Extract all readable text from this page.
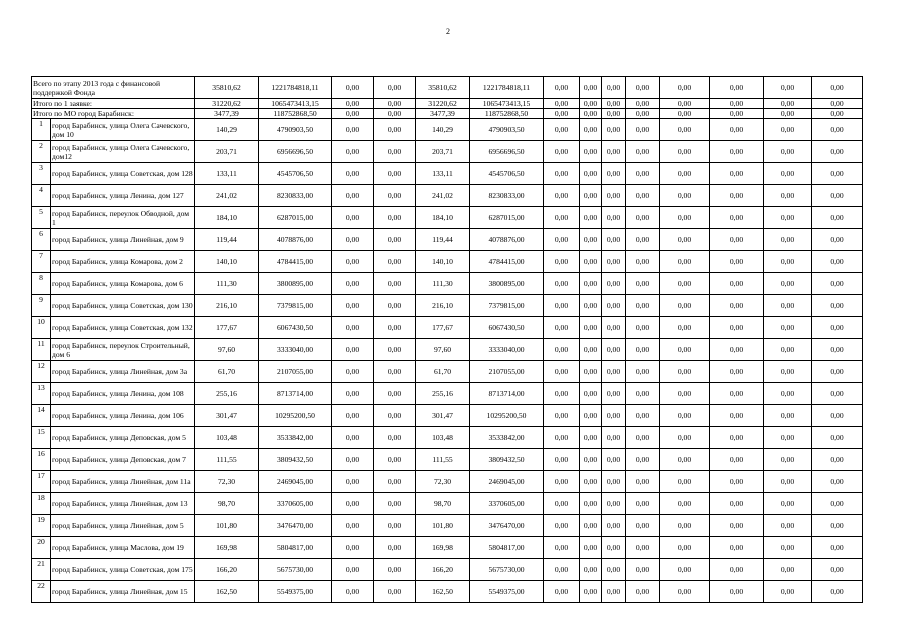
2
Всего по этапу 2013 года с финансовой поддержкой Фонда		35810,62	1221784818,11	0,00	0,00	35810,62	1221784818,11	0,00	0,00	0,00	0,00	0,00	0,00	0,00	0,00
Итого по 1 заявке:		31220,62	1065473413,15	0,00	0,00	31220,62	1065473413,15	0,00	0,00	0,00	0,00	0,00	0,00	0,00	0,00
Итого по МО город Барабинск:		3477,39	118752868,50	0,00	0,00	3477,39	118752868,50	0,00	0,00	0,00	0,00	0,00	0,00	0,00	0,00
1	город Барабинск, улица Олега Сачевского, дом 10	140,29	4790903,50	0,00	0,00	140,29	4790903,50	0,00	0,00	0,00	0,00	0,00	0,00	0,00	0,00
2	город Барабинск, улица Олега Сачевского, дом12	203,71	6956696,50	0,00	0,00	203,71	6956696,50	0,00	0,00	0,00	0,00	0,00	0,00	0,00	0,00
3	город Барабинск, улица Советская, дом 128	133,11	4545706,50	0,00	0,00	133,11	4545706,50	0,00	0,00	0,00	0,00	0,00	0,00	0,00	0,00
4	город Барабинск, улица Ленина, дом 127	241,02	8230833,00	0,00	0,00	241,02	8230833,00	0,00	0,00	0,00	0,00	0,00	0,00	0,00	0,00
5	город Барабинск, переулок Обводной, дом 1	184,10	6287015,00	0,00	0,00	184,10	6287015,00	0,00	0,00	0,00	0,00	0,00	0,00	0,00	0,00
6	город Барабинск, улица Линейная, дом 9	119,44	4078876,00	0,00	0,00	119,44	4078876,00	0,00	0,00	0,00	0,00	0,00	0,00	0,00	0,00
7	город Барабинск, улица Комарова, дом 2	140,10	4784415,00	0,00	0,00	140,10	4784415,00	0,00	0,00	0,00	0,00	0,00	0,00	0,00	0,00
8	город Барабинск, улица Комарова, дом 6	111,30	3800895,00	0,00	0,00	111,30	3800895,00	0,00	0,00	0,00	0,00	0,00	0,00	0,00	0,00
9	город Барабинск, улица Советская, дом 130	216,10	7379815,00	0,00	0,00	216,10	7379815,00	0,00	0,00	0,00	0,00	0,00	0,00	0,00	0,00
10	город Барабинск, улица Советская, дом 132	177,67	6067430,50	0,00	0,00	177,67	6067430,50	0,00	0,00	0,00	0,00	0,00	0,00	0,00	0,00
11	город Барабинск, переулок Строительный, дом 6	97,60	3333040,00	0,00	0,00	97,60	3333040,00	0,00	0,00	0,00	0,00	0,00	0,00	0,00	0,00
12	город Барабинск, улица Линейная, дом 3а	61,70	2107055,00	0,00	0,00	61,70	2107055,00	0,00	0,00	0,00	0,00	0,00	0,00	0,00	0,00
13	город Барабинск, улица Ленина, дом 108	255,16	8713714,00	0,00	0,00	255,16	8713714,00	0,00	0,00	0,00	0,00	0,00	0,00	0,00	0,00
14	город Барабинск, улица Ленина, дом 106	301,47	10295200,50	0,00	0,00	301,47	10295200,50	0,00	0,00	0,00	0,00	0,00	0,00	0,00	0,00
15	город Барабинск, улица Деповская, дом 5	103,48	3533842,00	0,00	0,00	103,48	3533842,00	0,00	0,00	0,00	0,00	0,00	0,00	0,00	0,00
16	город Барабинск, улица Деповская, дом 7	111,55	3809432,50	0,00	0,00	111,55	3809432,50	0,00	0,00	0,00	0,00	0,00	0,00	0,00	0,00
17	город Барабинск, улица Линейная, дом 11а	72,30	2469045,00	0,00	0,00	72,30	2469045,00	0,00	0,00	0,00	0,00	0,00	0,00	0,00	0,00
18	город Барабинск, улица Линейная, дом 13	98,70	3370605,00	0,00	0,00	98,70	3370605,00	0,00	0,00	0,00	0,00	0,00	0,00	0,00	0,00
19	город Барабинск, улица Линейная, дом 5	101,80	3476470,00	0,00	0,00	101,80	3476470,00	0,00	0,00	0,00	0,00	0,00	0,00	0,00	0,00
20	город Барабинск, улица Маслова, дом 19	169,98	5804817,00	0,00	0,00	169,98	5804817,00	0,00	0,00	0,00	0,00	0,00	0,00	0,00	0,00
21	город Барабинск, улица Советская, дом 175	166,20	5675730,00	0,00	0,00	166,20	5675730,00	0,00	0,00	0,00	0,00	0,00	0,00	0,00	0,00
22	город Барабинск, улица Линейная, дом 15	162,50	5549375,00	0,00	0,00	162,50	5549375,00	0,00	0,00	0,00	0,00	0,00	0,00	0,00	0,00
